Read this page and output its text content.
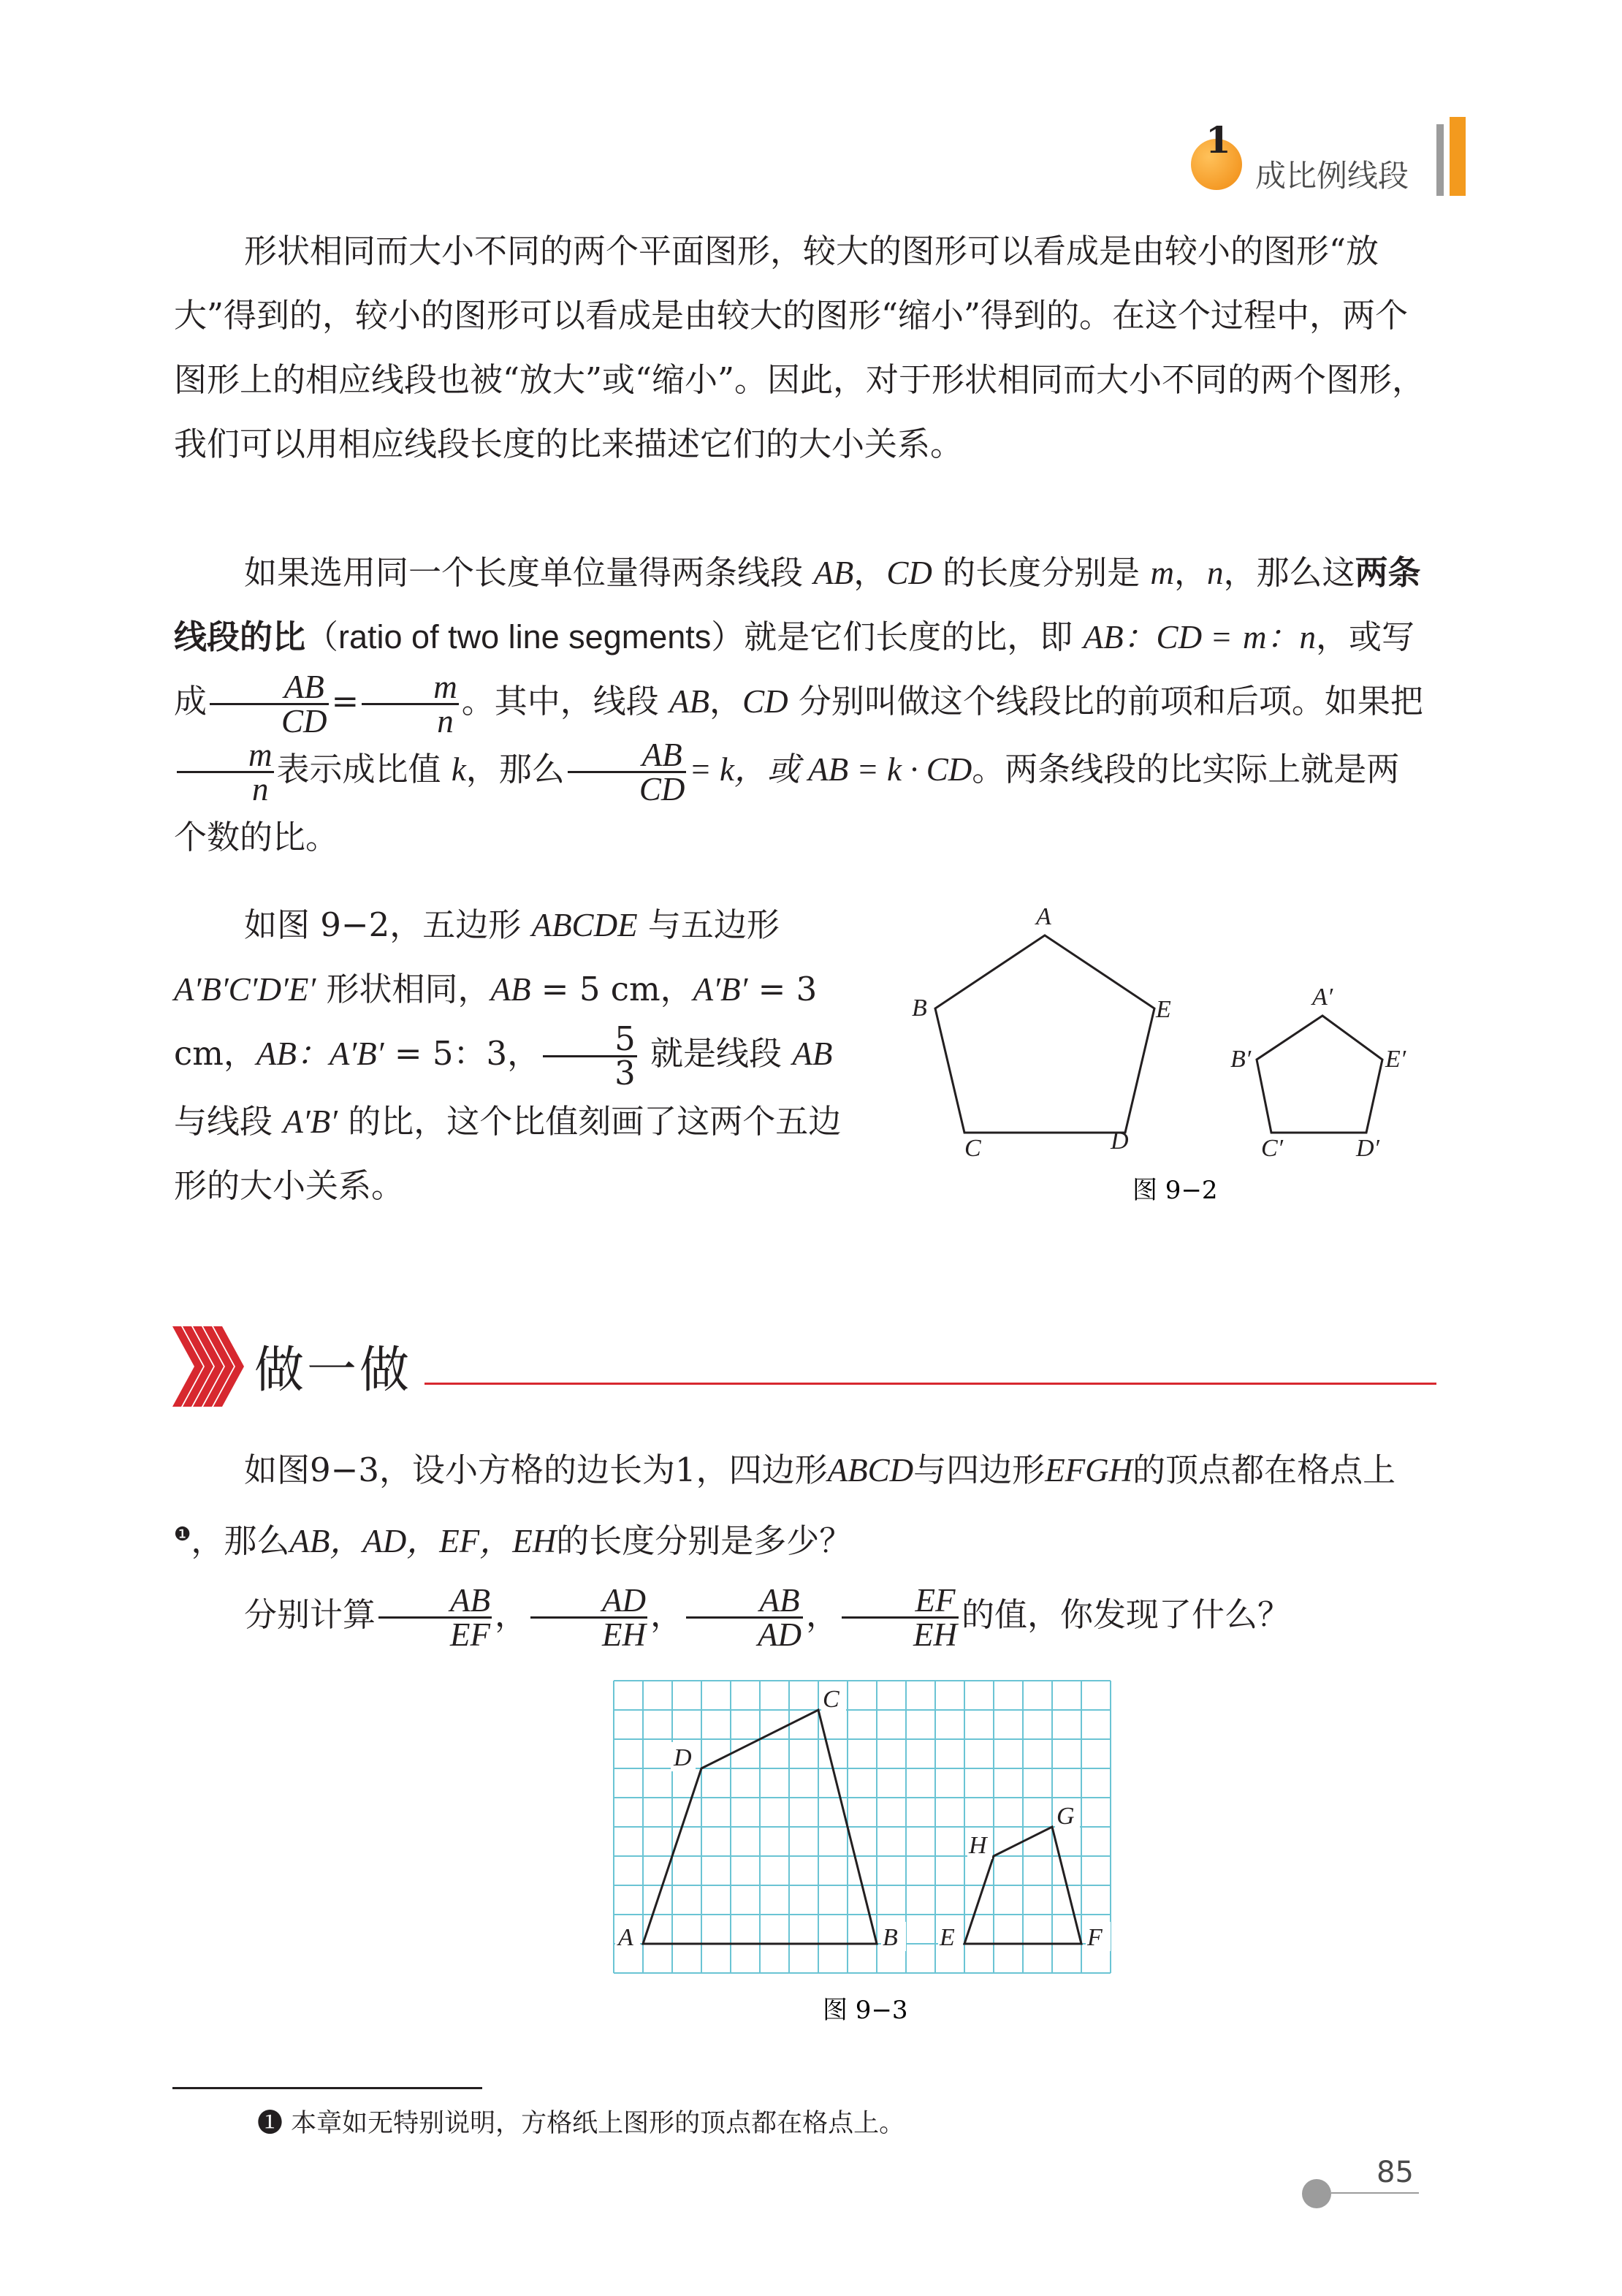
1
成比例线段

形状相同而大小不同的两个平面图形，较大的图形可以看成是由较小的图形“放大”得到的，较小的图形可以看成是由较大的图形“缩小”得到的。在这个过程中，两个图形上的相应线段也被“放大”或“缩小”。因此，对于形状相同而大小不同的两个图形，我们可以用相应线段长度的比来描述它们的大小关系。

如果选用同一个长度单位量得两条线段 AB，CD 的长度分别是 m，n，那么这两条线段的比（ratio of two line segments）就是它们长度的比，即 AB：CD = m：n，或写成 $\frac{AB}{CD} = \frac{m}{n}$ 。其中，线段 AB，CD 分别叫做这个线段比的前项和后项。如果把
$\frac{m}{n}$ 表示成比值 k，那么 $\frac{AB}{CD} = k$，或 AB = k · CD。两条线段的比实际上就是两个数的比。

如图 9−2，五边形 ABCDE 与五边形 A′B′C′D′E′ 形状相同，AB = 5 cm，A′B′ = 3 cm，AB：A′B′ = 5：3， $\frac{5}{3}$ 就是线段 AB 与线段 A′B′ 的比，这个比值刻画了这两个五边形的大小关系。

A
B
C	D
E	A′
B′
C′	D′
E′
图 9−2
做一做

如图9−3，设小方格的边长为1，四边形ABCD与四边形EFGH的顶点都在格点上$^❶$，那么AB，AD，EF，EH的长度分别是多少？

分别计算 $\frac{AB}{EF}$ ， $\frac{AD}{EH}$ ， $\frac{AB}{AD}$ ， $\frac{EF}{EH}$ 的值，你发现了什么？

A	B
C
D
E	F
G
H
图 9−3
❶ 本章如无特别说明，方格纸上图形的顶点都在格点上。
85
